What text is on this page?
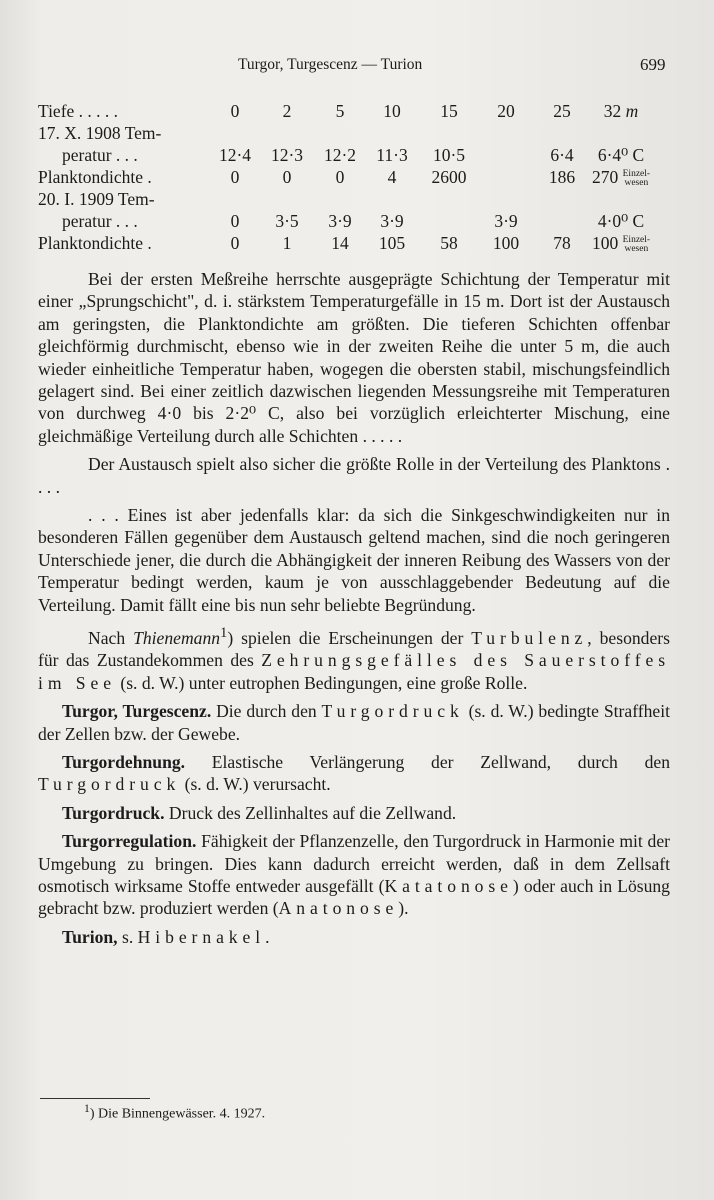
Turgor, Turgescenz — Turion	699
Tiefe . . . . .	0	2	5	10	15	20	25	32 m
17. X. 1908 Tem-								
peratur . . .	12·4	12·3	12·2	11·3	10·5		6·4	6·4⁰ C
Planktondichte .	0	0	0	4	2600		186	270 Einzel-
wesen
20. I. 1909 Tem-								
peratur . . .	0	3·5	3·9	3·9		3·9		4·0⁰ C
Planktondichte .	0	1	14	105	58	100	78	100 Einzel-
wesen

Bei der ersten Meßreihe herrschte ausgeprägte Schichtung der Temperatur mit einer „Sprungschicht", d. i. stärkstem Temperaturgefälle in 15 m. Dort ist der Austausch am geringsten, die Planktondichte am größten. Die tieferen Schichten offenbar gleichförmig durchmischt, ebenso wie in der zweiten Reihe die unter 5 m, die auch wieder einheitliche Temperatur haben, wogegen die obersten stabil, mischungsfeindlich gelagert sind. Bei einer zeitlich dazwischen liegenden Messungsreihe mit Temperaturen von durchweg 4·0 bis 2·2⁰ C, also bei vorzüglich erleichterter Mischung, eine gleichmäßige Verteilung durch alle Schichten . . . . .

Der Austausch spielt also sicher die größte Rolle in der Verteilung des Planktons . . . .

. . . Eines ist aber jedenfalls klar: da sich die Sinkgeschwindigkeiten nur in besonderen Fällen gegenüber dem Austausch geltend machen, sind die noch geringeren Unterschiede jener, die durch die Abhängigkeit der inneren Reibung des Wassers von der Temperatur bedingt werden, kaum je von ausschlaggebender Bedeutung auf die Verteilung. Damit fällt eine bis nun sehr beliebte Begründung.

Nach Thienemann$^1$) spielen die Erscheinungen der Turbulenz, besonders für das Zustandekommen des Zehrungsgefälles des Sauerstoffes im See (s. d. W.) unter eutrophen Bedingungen, eine große Rolle.

Turgor, Turgescenz. Die durch den Turgordruck (s. d. W.) bedingte Straffheit der Zellen bzw. der Gewebe.

Turgordehnung. Elastische Verlängerung der Zellwand, durch den Turgordruck (s. d. W.) verursacht.

Turgordruck. Druck des Zellinhaltes auf die Zellwand.

Turgorregulation. Fähigkeit der Pflanzenzelle, den Turgordruck in Harmonie mit der Umgebung zu bringen. Dies kann dadurch erreicht werden, daß in dem Zellsaft osmotisch wirksame Stoffe entweder ausgefällt (Katatonose) oder auch in Lösung gebracht bzw. produziert werden (Anatonose).

Turion, s. Hibernakel.

$^1$) Die Binnengewässer. 4. 1927.
